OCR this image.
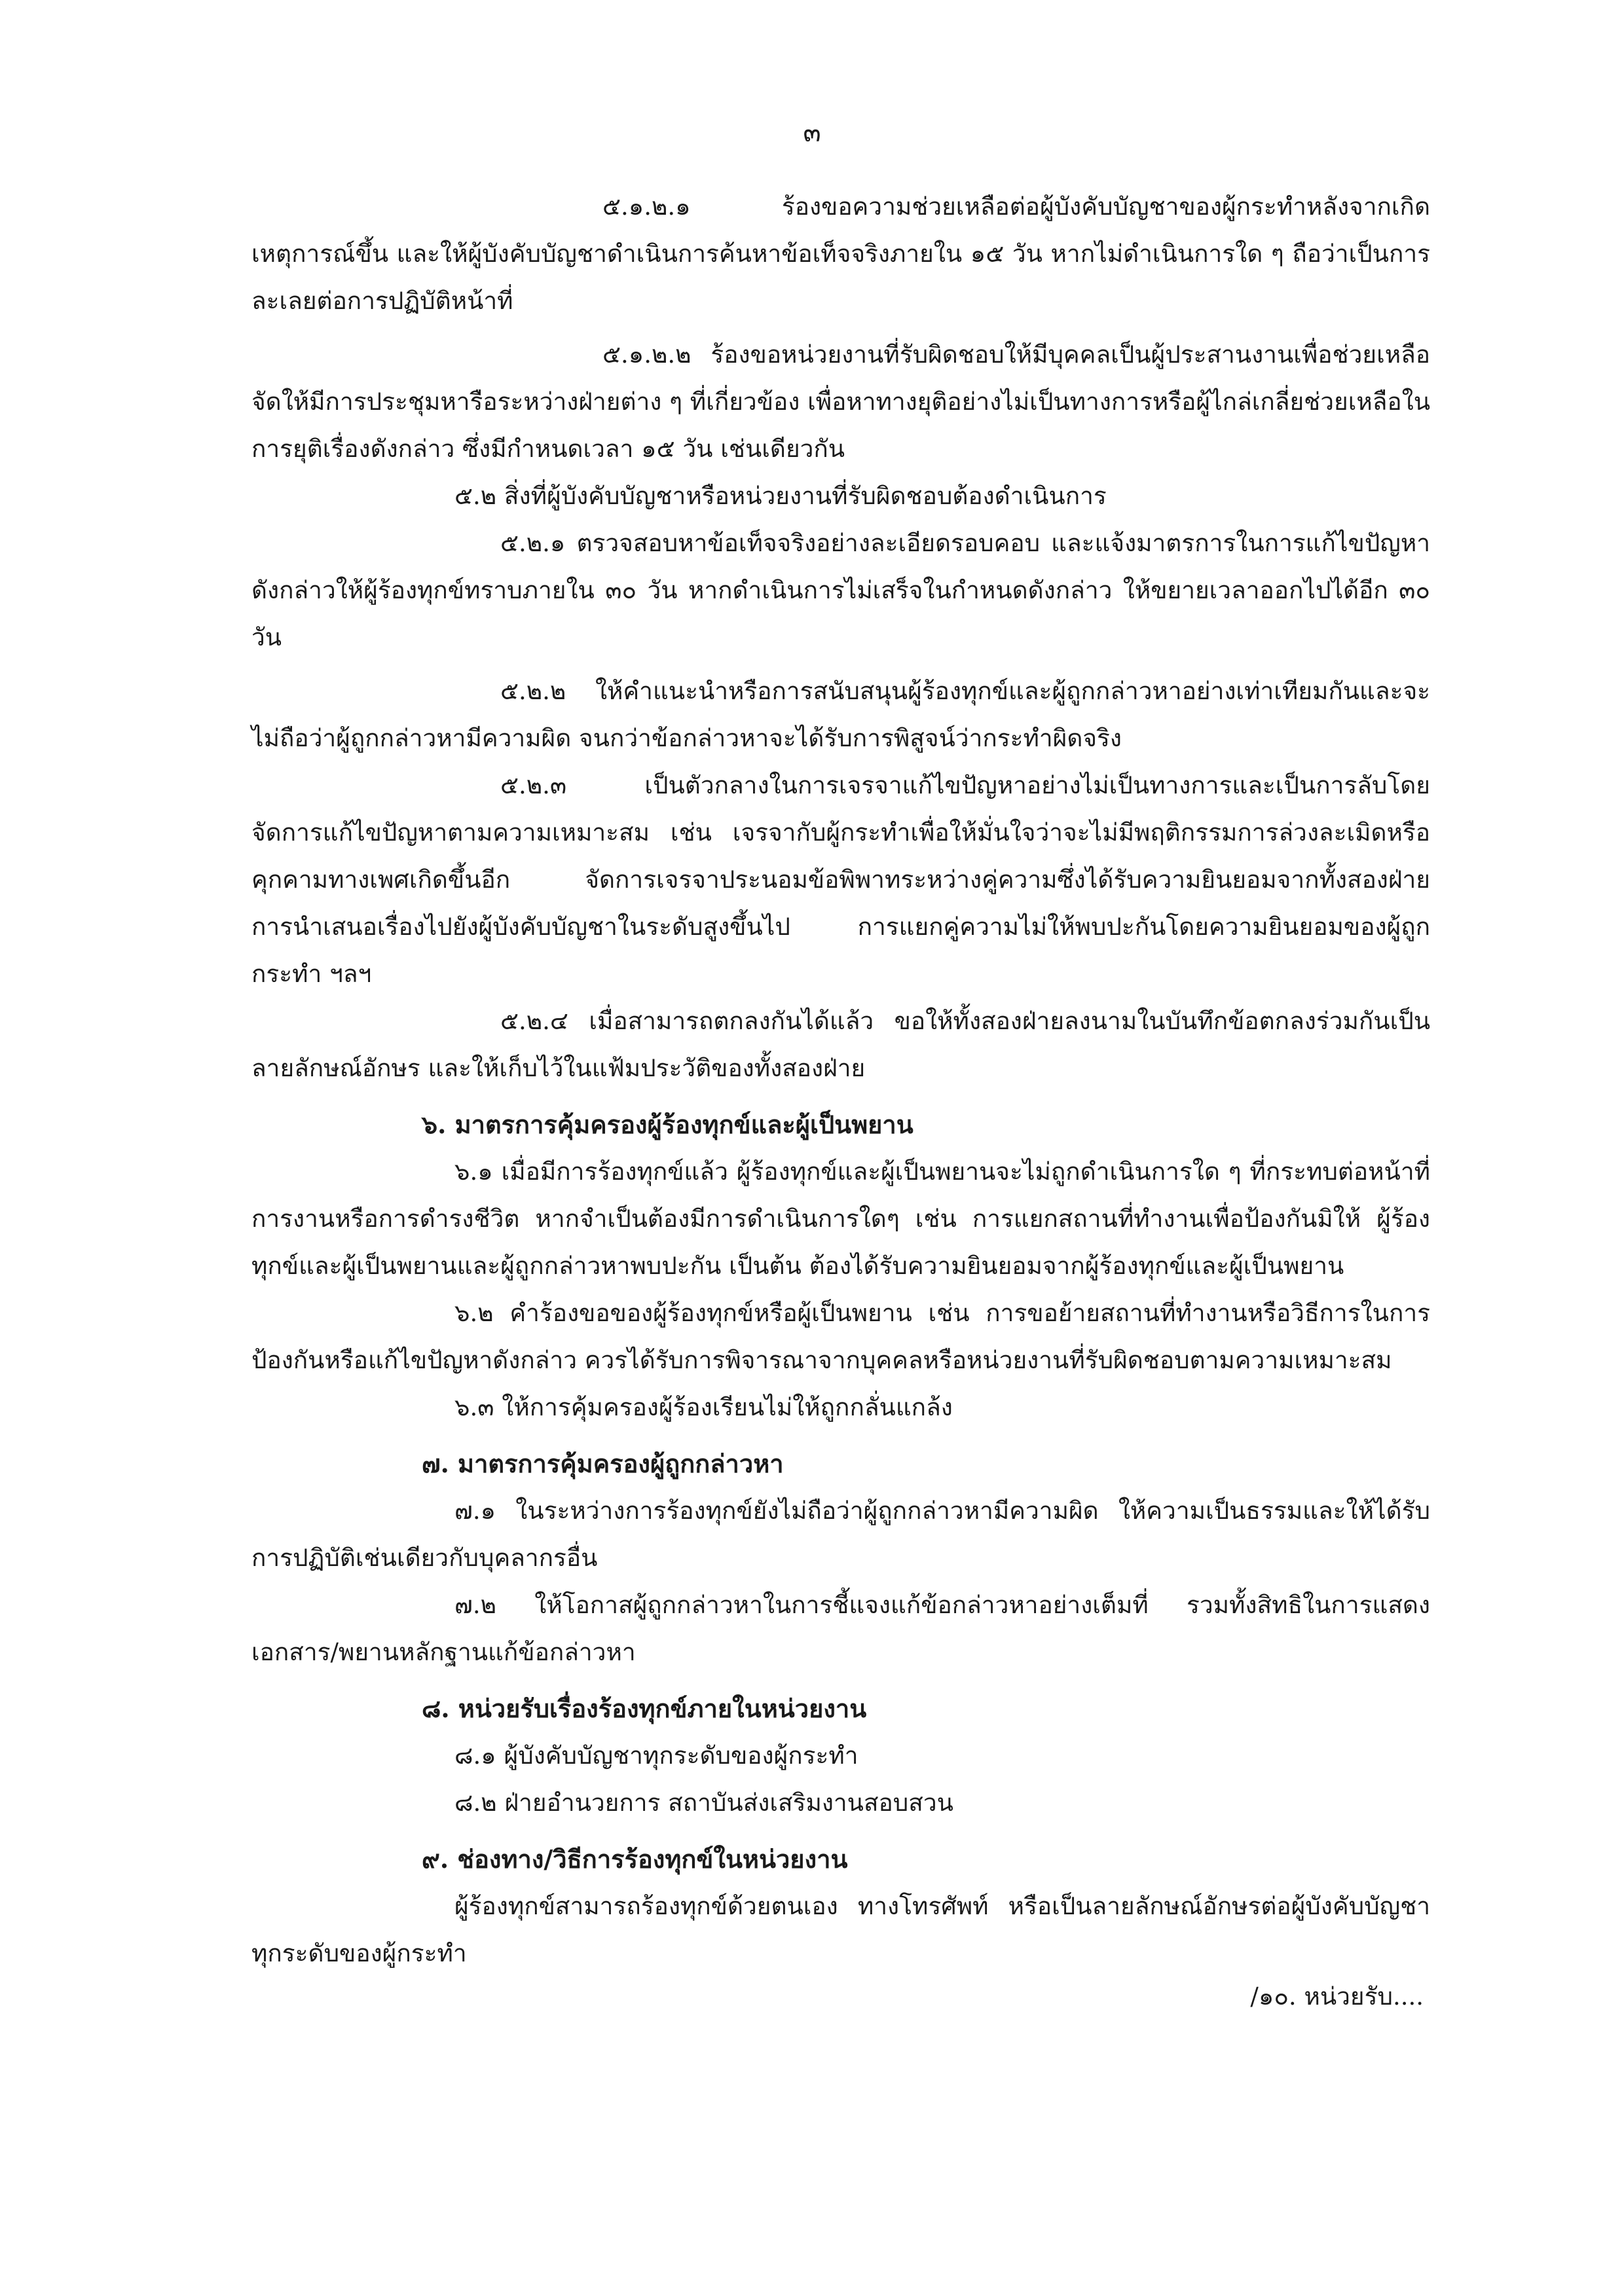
๓

๕.๑.๒.๑ ร้องขอความช่วยเหลือต่อผู้บังคับบัญชาของผู้กระทำหลังจากเกิดเหตุการณ์ขึ้น และให้ผู้บังคับบัญชาดำเนินการค้นหาข้อเท็จจริงภายใน ๑๕ วัน หากไม่ดำเนินการใด ๆ ถือว่าเป็นการละเลยต่อการปฏิบัติหน้าที่

๕.๑.๒.๒ ร้องขอหน่วยงานที่รับผิดชอบให้มีบุคคลเป็นผู้ประสานงานเพื่อช่วยเหลือจัดให้มีการประชุมหารือระหว่างฝ่ายต่าง ๆ ที่เกี่ยวข้อง เพื่อหาทางยุติอย่างไม่เป็นทางการหรือผู้ไกล่เกลี่ยช่วยเหลือในการยุติเรื่องดังกล่าว ซึ่งมีกำหนดเวลา ๑๕ วัน เช่นเดียวกัน

๕.๒ สิ่งที่ผู้บังคับบัญชาหรือหน่วยงานที่รับผิดชอบต้องดำเนินการ

๕.๒.๑ ตรวจสอบหาข้อเท็จจริงอย่างละเอียดรอบคอบ และแจ้งมาตรการในการแก้ไขปัญหาดังกล่าวให้ผู้ร้องทุกข์ทราบภายใน ๓๐ วัน หากดำเนินการไม่เสร็จในกำหนดดังกล่าว ให้ขยายเวลาออกไปได้อีก ๓๐ วัน

๕.๒.๒ ให้คำแนะนำหรือการสนับสนุนผู้ร้องทุกข์และผู้ถูกกล่าวหาอย่างเท่าเทียมกันและจะไม่ถือว่าผู้ถูกกล่าวหามีความผิด จนกว่าข้อกล่าวหาจะได้รับการพิสูจน์ว่ากระทำผิดจริง

๕.๒.๓ เป็นตัวกลางในการเจรจาแก้ไขปัญหาอย่างไม่เป็นทางการและเป็นการลับโดยจัดการแก้ไขปัญหาตามความเหมาะสม เช่น เจรจากับผู้กระทำเพื่อให้มั่นใจว่าจะไม่มีพฤติกรรมการล่วงละเมิดหรือคุกคามทางเพศเกิดขึ้นอีก จัดการเจรจาประนอมข้อพิพาทระหว่างคู่ความซึ่งได้รับความยินยอมจากทั้งสองฝ่าย การนำเสนอเรื่องไปยังผู้บังคับบัญชาในระดับสูงขึ้นไป การแยกคู่ความไม่ให้พบปะกันโดยความยินยอมของผู้ถูกกระทำ ฯลฯ

๕.๒.๔ เมื่อสามารถตกลงกันได้แล้ว ขอให้ทั้งสองฝ่ายลงนามในบันทึกข้อตกลงร่วมกันเป็นลายลักษณ์อักษร และให้เก็บไว้ในแฟ้มประวัติของทั้งสองฝ่าย

๖. มาตรการคุ้มครองผู้ร้องทุกข์และผู้เป็นพยาน

๖.๑ เมื่อมีการร้องทุกข์แล้ว ผู้ร้องทุกข์และผู้เป็นพยานจะไม่ถูกดำเนินการใด ๆ ที่กระทบต่อหน้าที่การงานหรือการดำรงชีวิต หากจำเป็นต้องมีการดำเนินการใดๆ เช่น การแยกสถานที่ทำงานเพื่อป้องกันมิให้ ผู้ร้องทุกข์และผู้เป็นพยานและผู้ถูกกล่าวหาพบปะกัน เป็นต้น ต้องได้รับความยินยอมจากผู้ร้องทุกข์และผู้เป็นพยาน

๖.๒ คำร้องขอของผู้ร้องทุกข์หรือผู้เป็นพยาน เช่น การขอย้ายสถานที่ทำงานหรือวิธีการในการป้องกันหรือแก้ไขปัญหาดังกล่าว ควรได้รับการพิจารณาจากบุคคลหรือหน่วยงานที่รับผิดชอบตามความเหมาะสม

๖.๓ ให้การคุ้มครองผู้ร้องเรียนไม่ให้ถูกกลั่นแกล้ง

๗. มาตรการคุ้มครองผู้ถูกกล่าวหา

๗.๑ ในระหว่างการร้องทุกข์ยังไม่ถือว่าผู้ถูกกล่าวหามีความผิด ให้ความเป็นธรรมและให้ได้รับการปฏิบัติเช่นเดียวกับบุคลากรอื่น

๗.๒ ให้โอกาสผู้ถูกกล่าวหาในการชี้แจงแก้ข้อกล่าวหาอย่างเต็มที่ รวมทั้งสิทธิในการแสดงเอกสาร/พยานหลักฐานแก้ข้อกล่าวหา

๘. หน่วยรับเรื่องร้องทุกข์ภายในหน่วยงาน

๘.๑ ผู้บังคับบัญชาทุกระดับของผู้กระทำ

๘.๒ ฝ่ายอำนวยการ สถาบันส่งเสริมงานสอบสวน

๙. ช่องทาง/วิธีการร้องทุกข์ในหน่วยงาน

ผู้ร้องทุกข์สามารถร้องทุกข์ด้วยตนเอง ทางโทรศัพท์ หรือเป็นลายลักษณ์อักษรต่อผู้บังคับบัญชาทุกระดับของผู้กระทำ

/๑๐. หน่วยรับ....
